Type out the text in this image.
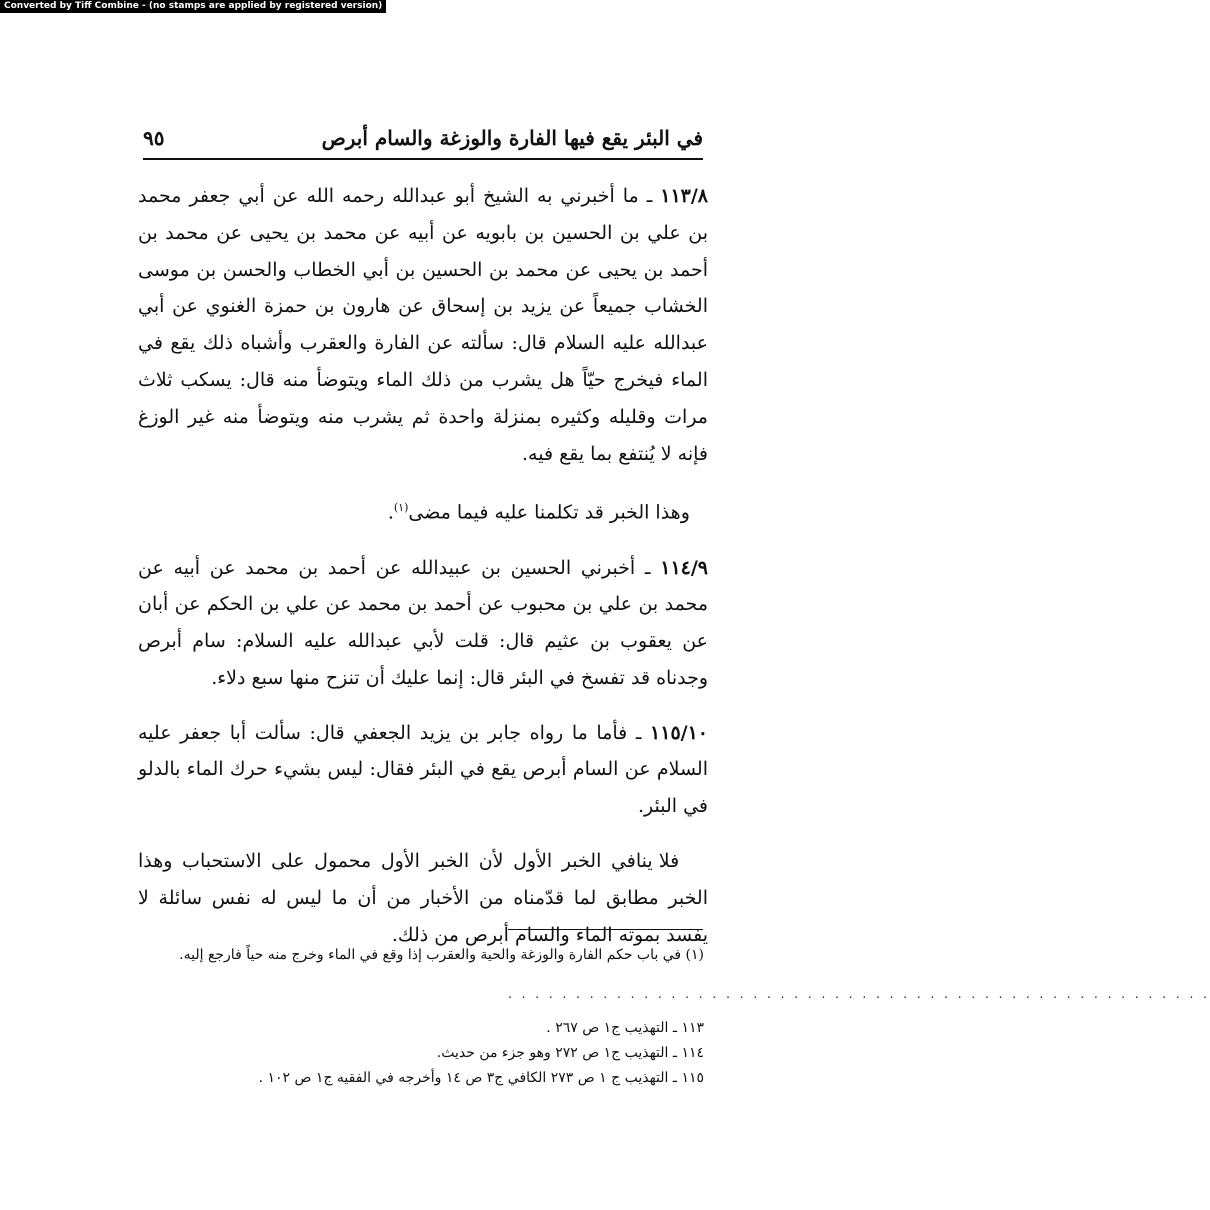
Converted by Tiff Combine - (no stamps are applied by registered version)
في البئر يقع فيها الفارة والوزغة والسام أبرص
٩٥

١١٣/٨ ـ ما أخبرني به الشيخ أبو عبدالله رحمه الله عن أبي جعفر محمد بن علي بن الحسين بن بابويه عن أبيه عن محمد بن يحيى عن محمد بن أحمد بن يحيى عن محمد بن الحسين بن أبي الخطاب والحسن بن موسى الخشاب جميعاً عن يزيد بن إسحاق عن هارون بن حمزة الغنوي عن أبي عبدالله عليه السلام قال: سألته عن الفارة والعقرب وأشباه ذلك يقع في الماء فيخرج حيّاً هل يشرب من ذلك الماء ويتوضأ منه قال: يسكب ثلاث مرات وقليله وكثيره بمنزلة واحدة ثم يشرب منه ويتوضأ منه غير الوزغ فإنه لا يُنتفع بما يقع فيه.

وهذا الخبر قد تكلمنا عليه فيما مضى$^{(١)}$.

١١٤/٩ ـ أخبرني الحسين بن عبيدالله عن أحمد بن محمد عن أبيه عن محمد بن علي بن محبوب عن أحمد بن محمد عن علي بن الحكم عن أبان عن يعقوب بن عثيم قال: قلت لأبي عبدالله عليه السلام: سام أبرص وجدناه قد تفسخ في البئر قال: إنما عليك أن تنزح منها سبع دلاء.

١١٥/١٠ ـ فأما ما رواه جابر بن يزيد الجعفي قال: سألت أبا جعفر عليه السلام عن السام أبرص يقع في البئر فقال: ليس بشيء حرك الماء بالدلو في البئر.

فلا ينافي الخبر الأول لأن الخبر الأول محمول على الاستحباب وهذا الخبر مطابق لما قدّمناه من الأخبار من أن ما ليس له نفس سائلة لا يفسد بموته الماء والسام أبرص من ذلك.

(١) في باب حكم الفارة والوزغة والحية والعقرب إذا وقع في الماء وخرج منه حياً فارجع إليه.
. . . . . . . . . . . . . . . . . . . . . . . . . . . . . . . . . . . . . . . . . . . . . . . . . . . .
١١٣ ـ التهذيب ج١ ص ٢٦٧ .
١١٤ ـ التهذيب ج١ ص ٢٧٢ وهو جزء من حديث.
١١٥ ـ التهذيب ج ١ ص ٢٧٣ الكافي ج٣ ص ١٤ وأخرجه في الفقيه ج١ ص ١٠٢ .
